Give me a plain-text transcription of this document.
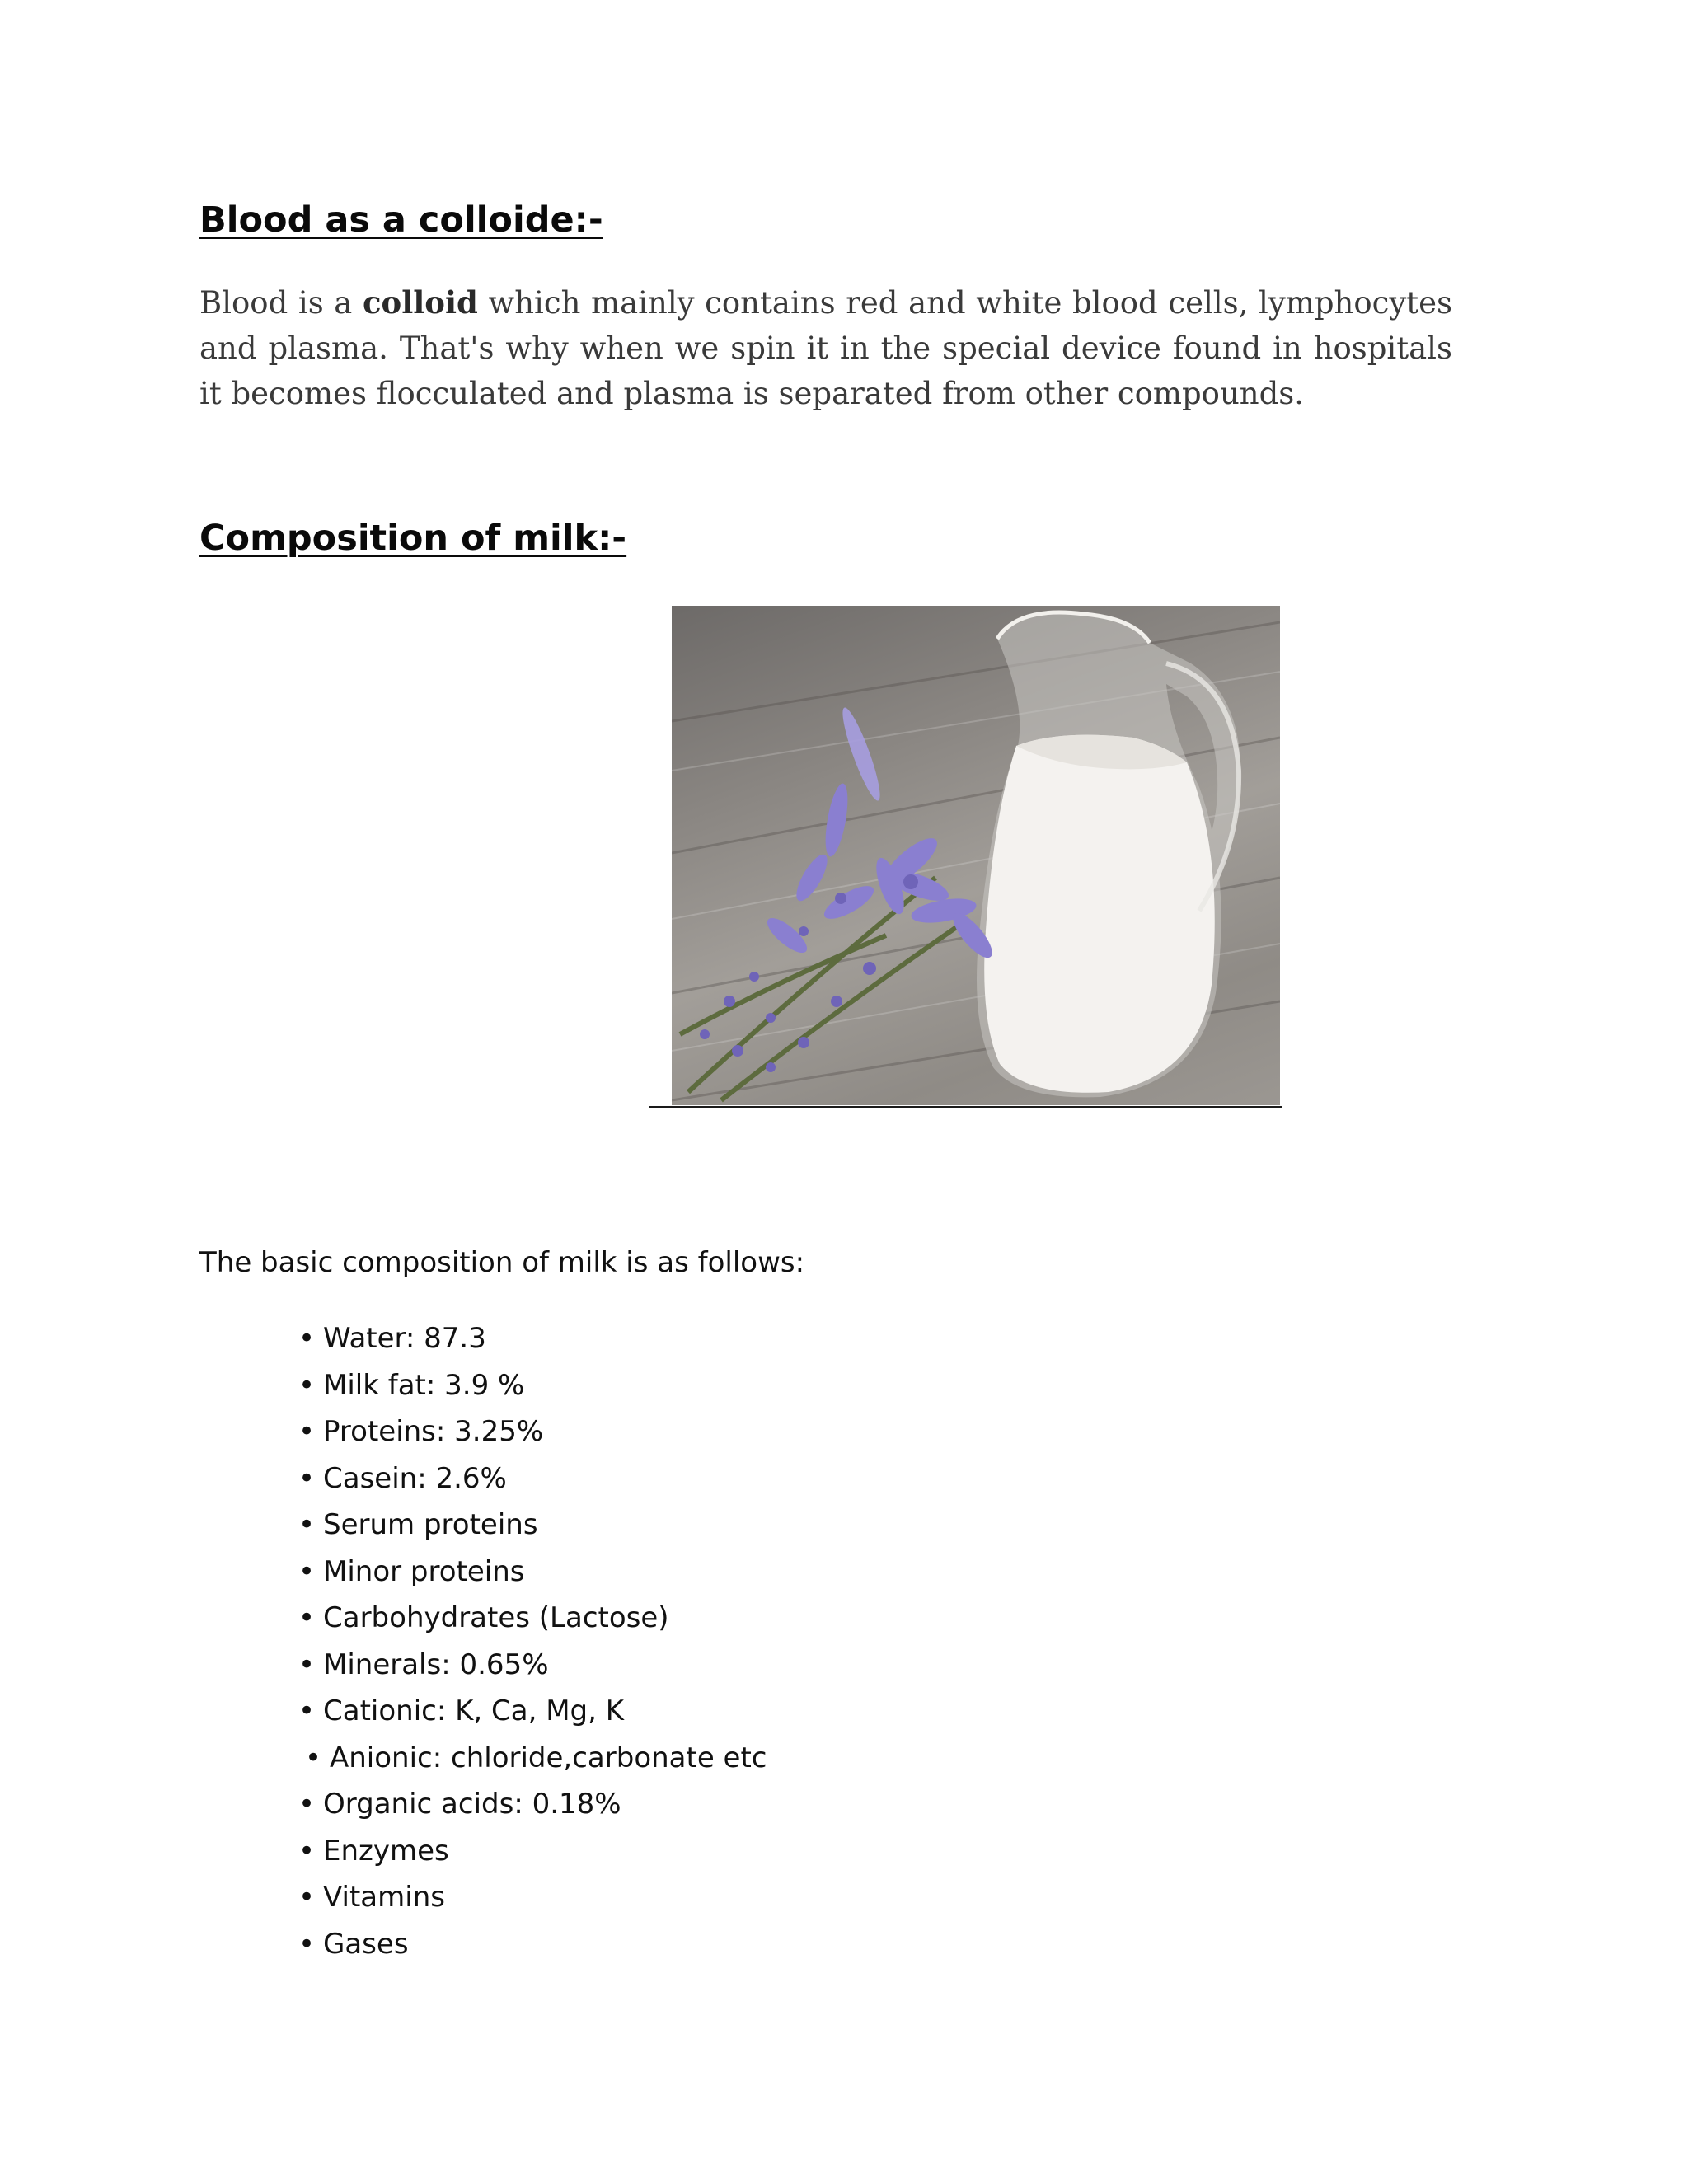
Blood as a colloide:-

Blood is a colloid which mainly contains red and white blood cells, lymphocytes and plasma. That's why when we spin it in the special device found in hospitals it becomes flocculated and plasma is separated from other compounds.

Composition of milk:-

The basic composition of milk is as follows:

• Water: 87.3
• Milk fat: 3.9 %
• Proteins: 3.25%
• Casein: 2.6%
• Serum proteins
• Minor proteins
• Carbohydrates (Lactose)
• Minerals: 0.65%
• Cationic: K, Ca, Mg, K
• Anionic: chloride,carbonate etc
• Organic acids: 0.18%
• Enzymes
• Vitamins
• Gases
